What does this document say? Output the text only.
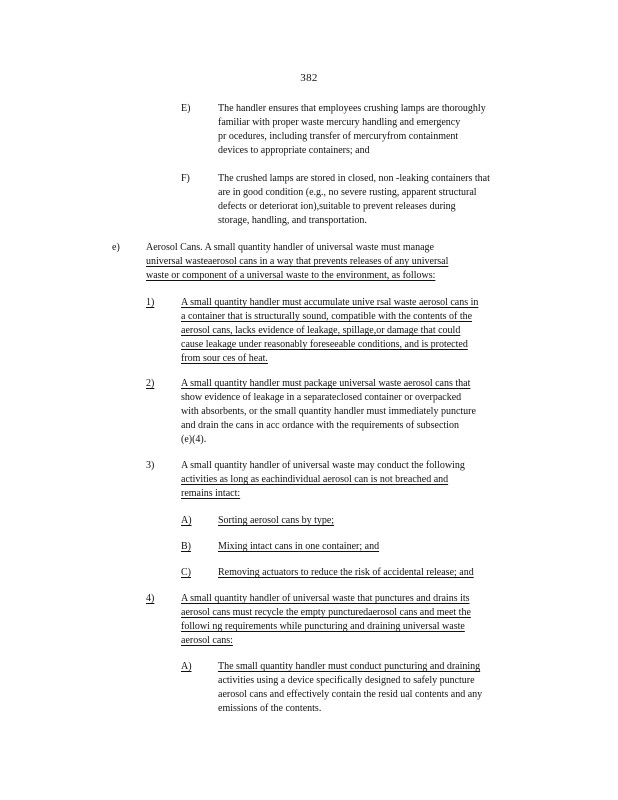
382
E)	The handler ensures that employees crushing lamps are thoroughly
familiar with proper waste mercury handling and emergency
pr ocedures, including transfer of mercuryfrom containment
devices to appropriate containers; and
F)	The crushed lamps are stored in closed, non -leaking containers that
are in good condition (e.g., no severe rusting, apparent structural
defects or deteriorat ion),suitable to prevent releases during
storage, handling, and transportation.
e)	Aerosol Cans. A small quantity handler of universal waste must manage
universal wasteaerosol cans in a way that prevents releases of any universal
waste or component of a universal waste to the environment, as follows:
1)	A small quantity handler must accumulate unive rsal waste aerosol cans in
a container that is structurally sound, compatible with the contents of the
aerosol cans, lacks evidence of leakage, spillage,or damage that could
cause leakage under reasonably foreseeable conditions, and is protected
from sour ces of heat.
2)	A small quantity handler must package universal waste aerosol cans that
show evidence of leakage in a separateclosed container or overpacked
with absorbents, or the small quantity handler must immediately puncture
and drain the cans in acc ordance with the requirements of subsection
(e)(4).
3)	A small quantity handler of universal waste may conduct the following
activities as long as eachindividual aerosol can is not breached and
remains intact:
A)	Sorting aerosol cans by type;
B)	Mixing intact cans in one container; and
C)	Removing actuators to reduce the risk of accidental release; and
4)	A small quantity handler of universal waste that punctures and drains its
aerosol cans must recycle the empty puncturedaerosol cans and meet the
followi ng requirements while puncturing and draining universal waste
aerosol cans:
A)	The small quantity handler must conduct puncturing and draining
activities using a device specifically designed to safely puncture
aerosol cans and effectively contain the resid ual contents and any
emissions of the contents.
